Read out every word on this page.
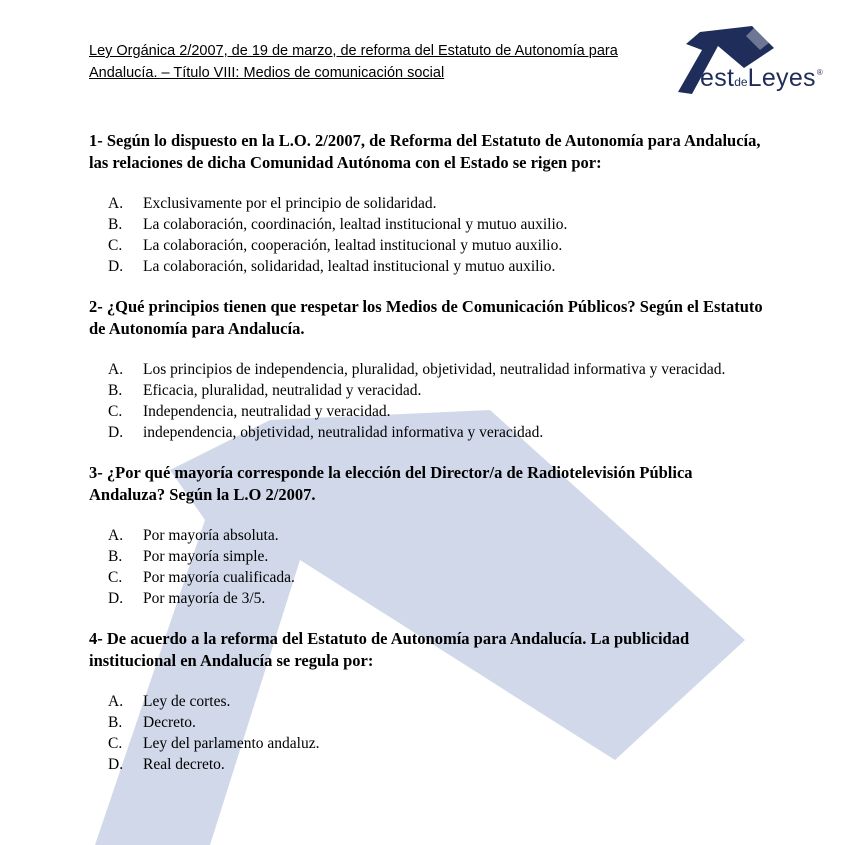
Ley Orgánica 2/2007, de 19 de marzo, de reforma del Estatuto de Autonomía para
Andalucía. – Título VIII: Medios de comunicación social	estdeLeyes®

1- Según lo dispuesto en la L.O. 2/2007, de Reforma del Estatuto de Autonomía para Andalucía, las relaciones de dicha Comunidad Autónoma con el Estado se rigen por:

A. Exclusivamente por el principio de solidaridad.
B. La colaboración, coordinación, lealtad institucional y mutuo auxilio.
C. La colaboración, cooperación, lealtad institucional y mutuo auxilio.
D. La colaboración, solidaridad, lealtad institucional y mutuo auxilio.

2- ¿Qué principios tienen que respetar los Medios de Comunicación Públicos? Según el Estatuto de Autonomía para Andalucía.

A. Los principios de independencia, pluralidad, objetividad, neutralidad informativa y veracidad.
B. Eficacia, pluralidad, neutralidad y veracidad.
C. Independencia, neutralidad y veracidad.
D. independencia, objetividad, neutralidad informativa y veracidad.

3- ¿Por qué mayoría corresponde la elección del Director/a de Radiotelevisión Pública Andaluza? Según la L.O 2/2007.

A. Por mayoría absoluta.
B. Por mayoría simple.
C. Por mayoría cualificada.
D. Por mayoría de 3/5.

4- De acuerdo a la reforma del Estatuto de Autonomía para Andalucía. La publicidad institucional en Andalucía se regula por:

A. Ley de cortes.
B. Decreto.
C. Ley del parlamento andaluz.
D. Real decreto.
